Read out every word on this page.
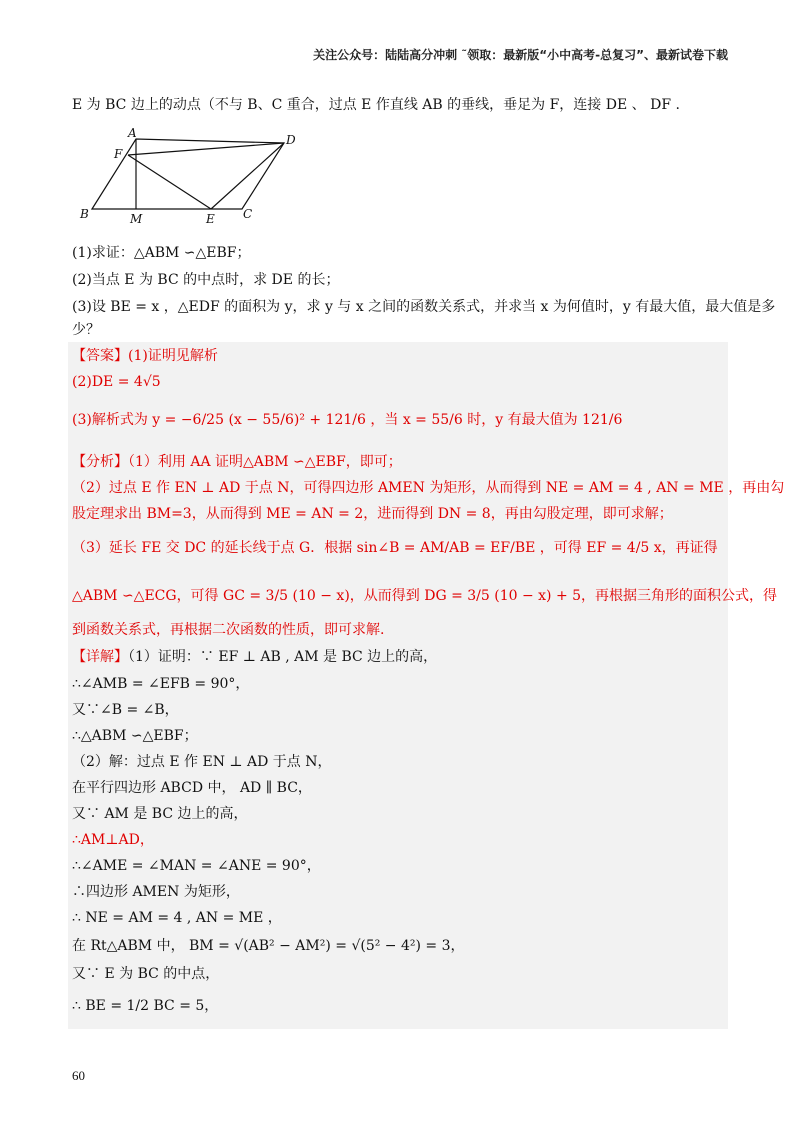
关注公众号：陆陆高分冲刺 ˜领取：最新版“小中高考-总复习”、最新试卷下载
E 为 BC 边上的动点（不与 B、C 重合，过点 E 作直线 AB 的垂线，垂足为 F，连接 DE 、 DF .
A
B	C
D
E
F
M
(1)求证：△ABM ∽△EBF；
(2)当点 E 为 BC 的中点时，求 DE 的长；
(3)设 BE = x ，△EDF 的面积为 y，求 y 与 x 之间的函数关系式，并求当 x 为何值时，y 有最大值，最大值是多
少？
【答案】(1)证明见解析
(2)DE = 4√5
(3)解析式为 y = −6/25 (x − 55/6)² + 121/6 ，当 x = 55/6 时，y 有最大值为 121/6
【分析】（1）利用 AA 证明△ABM ∽△EBF，即可；
（2）过点 E 作 EN ⊥ AD 于点 N，可得四边形 AMEN 为矩形，从而得到 NE = AM = 4 , AN = ME ，再由勾
股定理求出 BM=3，从而得到 ME = AN = 2，进而得到 DN = 8，再由勾股定理，即可求解；
（3）延长 FE 交 DC 的延长线于点 G．根据 sin∠B = AM/AB = EF/BE ，可得 EF = 4/5 x，再证得
△ABM ∽△ECG，可得 GC = 3/5 (10 − x)，从而得到 DG = 3/5 (10 − x) + 5，再根据三角形的面积公式，得
到函数关系式，再根据二次函数的性质，即可求解.
【详解】（1）证明：∵ EF ⊥ AB , AM 是 BC 边上的高，
∴∠AMB = ∠EFB = 90°，
又∵∠B = ∠B，
∴△ABM ∽△EBF；
（2）解：过点 E 作 EN ⊥ AD 于点 N，
在平行四边形 ABCD 中， AD ∥ BC，
又∵ AM 是 BC 边上的高，
∴AM⊥AD，
∴∠AME = ∠MAN = ∠ANE = 90°，
∴四边形 AMEN 为矩形，
∴ NE = AM = 4 , AN = ME ，
在 Rt△ABM 中， BM = √(AB² − AM²) = √(5² − 4²) = 3，
又∵ E 为 BC 的中点，
∴ BE = 1/2 BC = 5，
60
